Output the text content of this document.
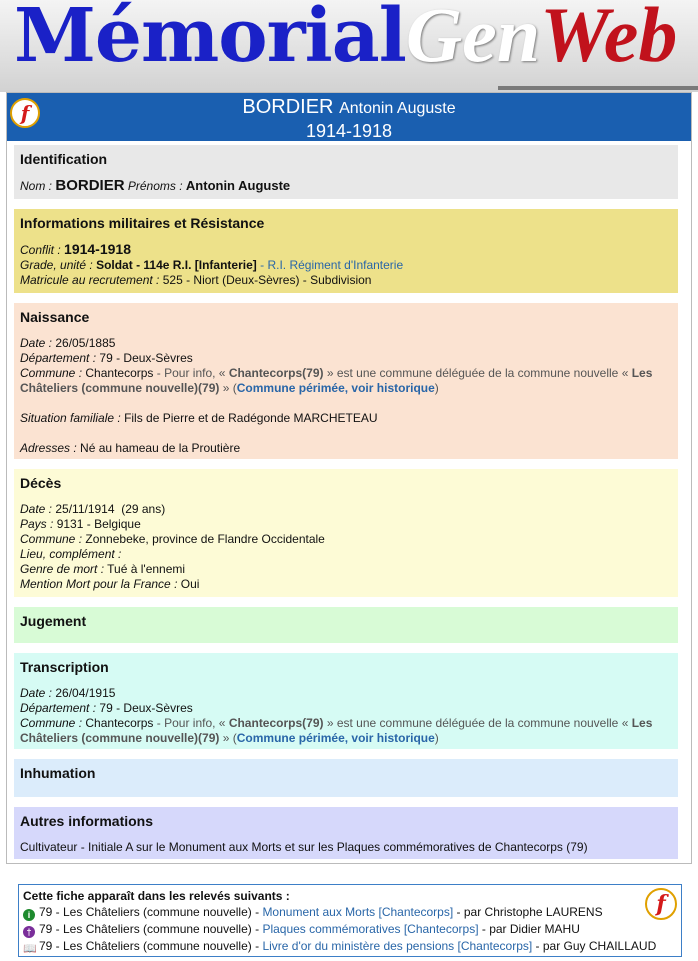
MémorialGenWeb
f	BORDIER Antonin Auguste
1914-1918
Identification
Nom : BORDIER Prénoms : Antonin Auguste
Informations militaires et Résistance
Conflit : 1914-1918
Grade, unité : Soldat - 114e R.I. [Infanterie] - R.I. Régiment d'Infanterie
Matricule au recrutement : 525 - Niort (Deux-Sèvres) - Subdivision
Naissance
Date : 26/05/1885
Département : 79 - Deux-Sèvres
Commune : Chantecorps - Pour info, « Chantecorps(79) » est une commune déléguée de la commune nouvelle « Les Châteliers (commune nouvelle)(79) » (Commune périmée, voir historique)
Situation familiale : Fils de Pierre et de Radégonde MARCHETEAU
Adresses : Né au hameau de la Proutière
Décès
Date : 25/11/1914  (29 ans)
Pays : 9131 - Belgique
Commune : Zonnebeke, province de Flandre Occidentale
Lieu, complément :
Genre de mort : Tué à l'ennemi
Mention Mort pour la France : Oui
Jugement
Transcription
Date : 26/04/1915
Département : 79 - Deux-Sèvres
Commune : Chantecorps - Pour info, « Chantecorps(79) » est une commune déléguée de la commune nouvelle « Les Châteliers (commune nouvelle)(79) » (Commune périmée, voir historique)
Inhumation
Autres informations
Cultivateur - Initiale A sur le Monument aux Morts et sur les Plaques commémoratives de Chantecorps (79)
f
Cette fiche apparaît dans les relevés suivants :
i 79 - Les Châteliers (commune nouvelle) - Monument aux Morts [Chantecorps] - par Christophe LAURENS
† 79 - Les Châteliers (commune nouvelle) - Plaques commémoratives [Chantecorps] - par Didier MAHU
📖 79 - Les Châteliers (commune nouvelle) - Livre d'or du ministère des pensions [Chantecorps] - par Guy CHAILLAUD
